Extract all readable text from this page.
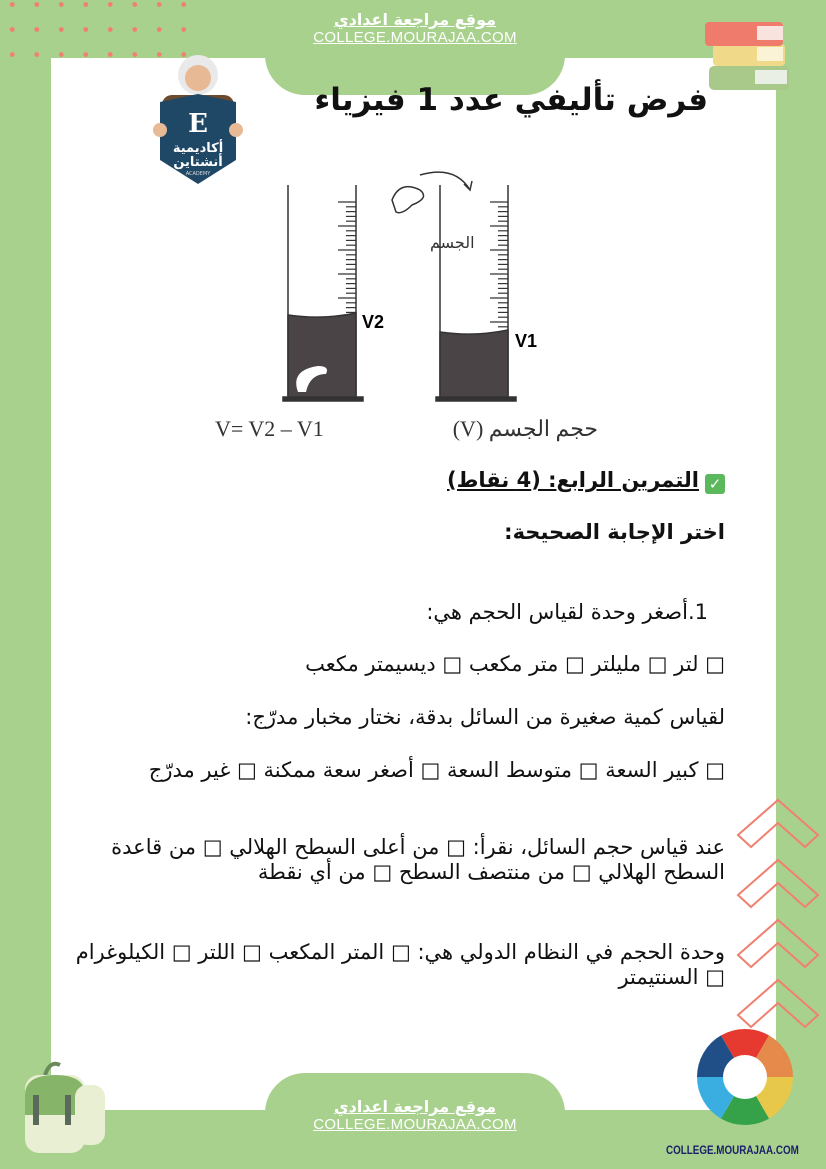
موقع مراجعة اعدادي
COLLEGE.MOURAJAA.COM
E
أكاديمية
أنشتاين
ACADEMY
فرض تأليفي عدد 1 فيزياء
V2
V1
الجسم
V= V2 – V1	حجم الجسم (V)
✓التمرين الرابع: (4 نقاط)
اختر الإجابة الصحيحة:
1.أصغر وحدة لقياس الحجم هي:
□ لتر □ مليلتر □ متر مكعب □ ديسيمتر مكعب
لقياس كمية صغيرة من السائل بدقة، نختار مخبار مدرّج:
□ كبير السعة □ متوسط السعة □ أصغر سعة ممكنة □ غير مدرّج
عند قياس حجم السائل، نقرأ: □ من أعلى السطح الهلالي □ من قاعدة السطح الهلالي □ من منتصف السطح □ من أي نقطة
وحدة الحجم في النظام الدولي هي: □ المتر المكعب □ اللتر □ الكيلوغرام □ السنتيمتر
موقع مراجعة اعدادي
COLLEGE.MOURAJAA.COM
COLLEGE.MOURAJAA.COM
